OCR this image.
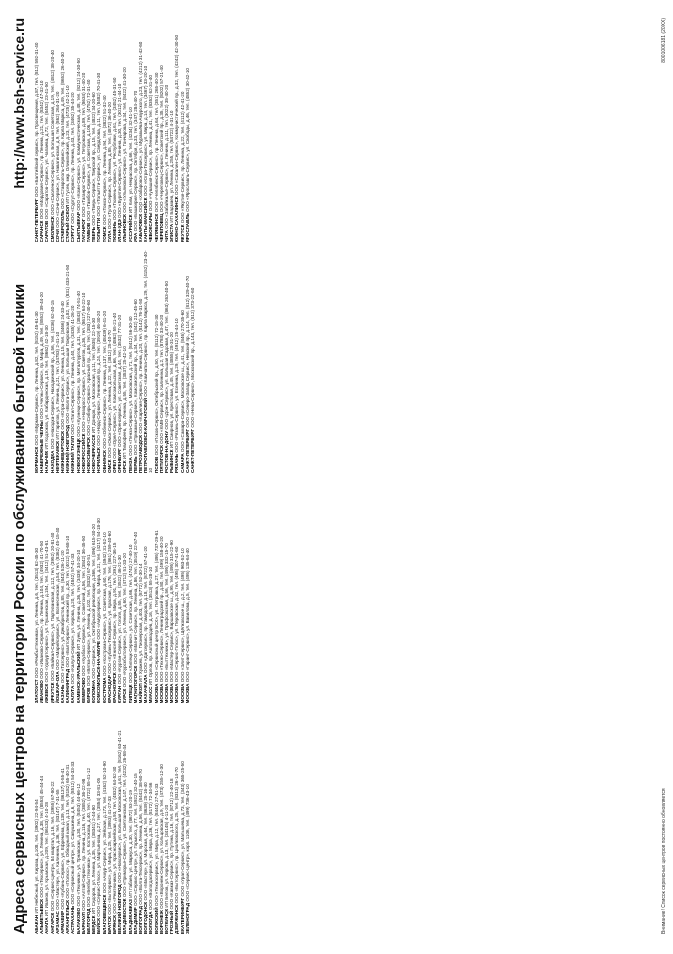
Адреса сервисных центров на территории России по обслуживанию бытовой техники
http://www.bsh-service.ru
АБАКАН ИП Небесный, ул. Кирова, д.108, тел. (3902) 22-94-54
АЛЬМЕТЬЕВСК ООО «Техсервис», ул. Ленина, д.38, тел. (8553) 45-44-44
АНАПА ИП Иванов, ул. Крымская, д.209, тел. (86133) 4-10-28
АНГАРСК ООО «Сервис-Центр», 84 квартал, д.16, тел. (3955) 67-80-22
АРЗАМАС ООО «Мастер», ул. Калинина, д.36, тел. (83147) 7-31-55
АРМАВИР ООО «Кубань-Сервис», ул. Ефремова, д.139, тел. (86137) 3-55-41
АРХАНГЕЛЬСК ООО «Полюс», пр. Обводный канал, д.13, тел. (8182) 65-40-31
АСТРАХАНЬ ООО «Сервисный центр», ул. Савушкина, д.6, тел. (8512) 54-33-33
БАЛАКОВО ООО «Техника», ул. Трнавская, д.30, тел. (8453) 44-66-12
БАРНАУЛ ООО «Алтай-Сервис», пр. Ленина, д.116, тел. (3852) 36-22-98
БЕЛГОРОД ООО «Белбыттехника», ул. Костюкова, д.40, тел. (4722) 55-41-12
БЕРДСК ИП Сидоров, ул. Ленина, д.35, тел. (38341) 2-44-80
БИЙСК ООО «Сервис-Плюс», ул. Мартьянова, д.27, тел. (3854) 33-81-05 БЛАГОВЕЩЕНСК ООО «Амур-Сервис», ул. Зейская, д.173, тел. (4162) 52-10-90
БРАТСК ООО «Бытсервис», ул. Мира, д.25, тел. (3953) 41-27-33
БРЯНСК ООО «Ремтехника», ул. Красноармейская, д.93, тел. (4832) 64-52-30 ВЕЛИКИЙ НОВГОРОД ООО «Новсервис», ул. Большая Московская, д.61, тел. (8162) 63-41-21
ВЛАДИВОСТОК ООО «Приморье-Сервис», ул. Светланская, д.147, тел. (4232) 26-58-44
ВЛАДИКАВКАЗ ИП Габаев, ул. Маркуса, д.30, тел. (8672) 53-20-19
ВЛАДИМИР ООО «Сервис-Центр», ул. Горького, д.77, тел. (4922) 32-40-15
ВОЛГОГРАД ООО «Волга-Техсервис», пр. Ленина, д.56, тел. (8442) 38-60-70
ВОЛГОДОНСК ООО «Мастер», ул. Морская, д.64, тел. (8639) 25-16-40
ВОЛОГДА ООО «Вологдасервис», ул. Мира, д.36, тел. (8172) 72-34-56
ВОЛЖСКИЙ ООО «Техносервис», ул. Мира, д.12, тел. (8443) 27-51-33
ВОРОНЕЖ ООО «Воронеж-Сервис», ул. Кольцовская, д.9, тел. (473) 255-12-30
ВОТКИНСК ИП Белов, ул. Кирова, д.13, тел. (34145) 4-11-20
ГРОЗНЫЙ ООО «Кавказ-Сервис», пр. Путина, д.16, тел. (8712) 22-40-18
ДЗЕРЖИНСК ООО «Бытсервис», пр. Циолковского, д.25, тел. (8313) 26-14-70
ЕКАТЕРИНБУРГ ООО «Урал-Сервис», ул. Малышева, д.73, тел. (343) 365-25-50
ЗЕЛЕНОГРАД ООО «Сервис-Центр», корп. 1106, тел. (499) 736-43-10
ЗЛАТОУСТ ООО «Рембыттехника», ул. Ленина, д.6, тел. (3513) 62-45-30
ИВАНОВО ООО «Иваново-Сервис», пр. Ленина, д.104, тел. (4932) 41-70-50
ИЖЕВСК ООО «Удмуртсервис», ул. Пушкинская, д.154, тел. (3412) 51-43-61
ИРКУТСК ООО «Байкал-Сервис», ул. Партизанская, д.112, тел. (3952) 20-81-40
ЙОШКАР-ОЛА ООО «Марийсервис», ул. Вознесенская, д.54, тел. (8362) 45-15-40
КАЗАНЬ ООО «Татсервис», ул. Декабристов, д.85, тел. (843) 526-11-20
КАЛИНИНГРАД ООО «Балтсервис», Ленинский пр., д.30, тел. (4012) 53-68-10
КАЛУГА ООО «Калуга-Сервис», ул. Кирова, д.20, тел. (4842) 57-41-33 КАМЕНСК-УРАЛЬСКИЙ ИП Зуев, ул. Ленина, д.36, тел. (3439) 34-20-10
КЕМЕРОВО ООО «Кузбасс-Сервис», пр. Советский, д.56, тел. (3842) 36-45-50
КИРОВ ООО «Вятка-Сервис», ул. Ленина, д.102, тел. (8332) 67-40-51
КОЛОМНА ООО «Сервис», ул. Октябрьской революции, д.366, тел. (496) 615-30-20 КОМСОМОЛЬСК-НА-АМУРЕ ООО «Амурсервис», пр. Мира, д.21, тел. (4217) 54-18-30
КОСТРОМА ООО «Кострома-Сервис», ул. Советская, д.60, тел. (4942) 31-52-10
КРАСНОДАР ООО «Кубань-Техсервис», ул. Красная, д.176, тел. (861) 259-40-60
КРАСНОЯРСК ООО «Енисей-Сервис», пр. Мира, д.91, тел. (391) 227-36-15
КУРГАН ООО «Курган-Сервис», ул. Гоголя, д.55, тел. (3522) 46-21-30
КУРСК ООО «Курскбытсервис», ул. Ленина, д.60, тел. (4712) 51-33-20
ЛИПЕЦК ООО «Липецк-Сервис», ул. Советская, д.66, тел. (4742) 27-40-10
МАГНИТОГОРСК ООО «Магнит-Сервис», пр. Ленина, д.86, тел. (3519) 22-57-40
МАЙКОП ИП Хуажев, ул. Пионерская, д.403, тел. (8772) 52-30-14
МАХАЧКАЛА ООО «Дагсервис», пр. Гамидова, д.18, тел. (8722) 67-41-20
МИАСС ИП Орлов, пр. Автозаводцев, д.16, тел. (3513) 55-28-10
МОСКВА ООО «Сервисный центр БСХ», ул. Петровка, д.27, тел. (495) 737-29-61
МОСКВА ООО «Техно-Сервис», Ленинградский пр., д.80, тел. (499) 158-40-20
МОСКВА ООО «Быттехника», ул. Профсоюзная, д.56, тел. (495) 332-15-70
МОСКВА ООО «Мастер-Сервис», Варшавское ш., д.95, тел. (495) 315-22-90
МОСКВА ООО «Сервис-Плюс», ул. Перовская, д.32, тел. (495) 307-41-60
МОСКВА ООО «Элит-Сервис», Щёлковское ш., д.2, тел. (495) 963-52-10
МОСКВА ООО «Гарант-Сервис», ул. Вавилова, д.5, тел. (495) 135-64-40
МУРМАНСК ООО «Мурман-Сервис», пр. Ленина, д.82, тел. (8152) 45-61-30
НАБЕРЕЖНЫЕ ЧЕЛНЫ ООО «Челны-Сервис», пр. Мира, д.49, тел. (8552) 39-44-20
НАЛЬЧИК ИП Кодзоков, ул. Кабардинская, д.19, тел. (8662) 42-18-30
НАХОДКА ООО «Находка-Сервис», Находкинский пр., д.56, тел. (4236) 62-40-15
НЕФТЕКАМСК ИП Гарипов, ул. Ленина, д.21, тел. (34783) 2-41-10
НИЖНЕВАРТОВСК ООО «Югра-Сервис», ул. Ленина, д.15, тел. (3466) 24-33-40
НИЖНИЙ НОВГОРОД ООО «Волга-Сервис», ул. Большая Покровская, д.82, тел. (831) 433-21-50
НИЖНИЙ ТАГИЛ ООО «Тагил-Сервис», пр. Ленина, д.40, тел. (3435) 41-26-20
НОВОКУЗНЕЦК ООО «Кузнецк-Сервис», пр. Металлургов, д.31, тел. (3843) 74-51-40
НОВОРОССИЙСК ООО «Новоросс-Сервис», ул. Советов, д.36, тел. (8617) 64-22-10
НОВОСИБИРСК ООО «Сибирь-Сервис», Красный пр., д.86, тел. (383) 227-40-60
НОВОЧЕРКАССК ИП Донцов, ул. Московская, д.11, тел. (8635) 22-15-30
НОРИЛЬСК ООО «Норд-Сервис», Ленинский пр., д.24, тел. (3919) 46-30-20
ОБНИНСК ООО «Обнинск-Сервис», пр. Ленина, д.137, тел. (48439) 6-41-20
ОМСК ООО «Омск-Сервис», ул. Ленина, д.22, тел. (3812) 25-40-70
ОРЕЛ ООО «Орел-Сервис», ул. Комсомольская, д.66, тел. (4862) 55-21-40
ОРЕНБУРГ ООО «Оренсервис», ул. Советская, д.44, тел. (3532) 77-31-20
ОРСК ИП Тимофеев, пр. Ленина, д.55, тел. (3537) 25-42-10
ПЕНЗА ООО «Пенза-Сервис», ул. Московская, д.71, тел. (8412) 56-30-40
ПЕРМЬ ООО «Прикамье-Сервис», Комсомольский пр., д.34, тел. (342) 212-45-60 ПЕТРОЗАВОДСК ООО «Карелия-Сервис», пр. Ленина, д.20, тел. (8142) 76-31-50
ПЕТРОПАВЛОВСК-КАМЧАТСКИЙ ООО «Камчатка-Сервис», пр. Карла Маркса, д.29, тел. (4152) 23-40-10 ПСКОВ ООО «Псков-Сервис», Октябрьский пр., д.50, тел. (8112) 72-15-30
ПЯТИГОРСК ООО «КМВ-Сервис», пр. Калинина, д.2, тел. (8793) 33-40-20
РОСТОВ-НА-ДОНУ ООО «Дон-Сервис», ул. Большая Садовая, д.47, тел. (863) 263-40-50
РЫБИНСК ИП Смирнов, ул. Крестовая, д.45, тел. (4855) 28-31-20
РЯЗАНЬ ООО «Рязань-Сервис», ул. Есенина, д.29, тел. (4912) 25-44-10
САМАРА ООО «Самара-Сервис», Московское ш., д.41, тел. (846) 270-35-60 САНКТ-ПЕТЕРБУРГ ООО «Северо-Запад Сервис», Невский пр., д.114, тел. (812) 329-40-70
САНКТ-ПЕТЕРБУРГ ООО «Нева-Сервис», Московский пр., д.143, тел. (812) 373-22-60
САНКТ-ПЕТЕРБУРГ ООО «Балтийский сервис», пр. Просвещения, д.87, тел. (812) 592-31-40
САРАНСК ООО «Мордовия-Сервис», пр. Ленина, д.21, тел. (8342) 47-32-10
САРАТОВ ООО «Саратов-Сервис», ул. Чапаева, д.72, тел. (8452) 23-41-50
СМОЛЕНСК ООО «Смоленск-Сервис», ул. Большая Советская, д.19, тел. (4812) 38-20-40
СОЧИ ООО «Сочи-Сервис», ул. Навагинская, д.9, тел. (862) 264-31-20 СТАВРОПОЛЬ ООО «Ставрополь-Сервис», пр. Карла Маркса, д.49, тел. (8652) 26-40-30
СТАРЫЙ ОСКОЛ ИП Гусев, мкр. Олимпийский, д.23, тел. (4725) 42-21-10
СУРГУТ ООО «Сургут-Сервис», пр. Ленина, д.43, тел. (3462) 35-44-20
СЫКТЫВКАР ООО «Коми-Сервис», ул. Коммунистическая, д.48, тел. (8212) 24-30-50
ТАГАНРОГ ООО «Таганрог-Сервис», ул. Петровская, д.89, тел. (8634) 31-40-20
ТАМБОВ ООО «Тамбов-Сервис», ул. Советская, д.106, тел. (4752) 72-31-40
ТВЕРЬ ООО «Тверь-Сервис», Тверской пр., д.15, тел. (4822) 34-20-60
ТОЛЬЯТТИ ООО «Тольятти-Сервис», ул. Свердлова, д.11, тел. (8482) 70-41-30
ТОМСК ООО «Томск-Сервис», пр. Ленина, д.94, тел. (3822) 51-32-40
ТУЛА ООО «Тула-Сервис», пр. Ленина, д.85, тел. (4872) 36-40-20
ТЮМЕНЬ ООО «Тюмень-Сервис», ул. Республики, д.61, тел. (3452) 45-31-50
УЛАН-УДЭ ООО «Бурятия-Сервис», ул. Ленина, д.30, тел. (3012) 21-44-10
УЛЬЯНОВСК ООО «Ульяновск-Сервис», ул. Гончарова, д.34, тел. (8422) 41-30-20
УССУРИЙСК ИП Ким, ул. Некрасова, д.66, тел. (4234) 32-41-10
УФА ООО «Башкирия-Сервис», пр. Октября, д.33, тел. (347) 284-40-70 ХАБАРОВСК ООО «Хабаровск-Сервис», ул. Муравьёва-Амурского, д.23, тел. (4212) 31-42-60
ХАНТЫ-МАНСИЙСК ООО «Югра-Техсервис», ул. Мира, д.14, тел. (3467) 33-20-10
ЧЕБОКСАРЫ ООО «Чувашия-Сервис», пр. Ленина, д.41, тел. (8352) 62-31-40
ЧЕЛЯБИНСК ООО «Челябинск-Сервис», пр. Ленина, д.64, тел. (351) 265-40-30
ЧЕРЕПОВЕЦ ООО «Череповец-Сервис», Советский пр., д.35, тел. (8202) 57-21-40
ЧИТА ООО «Забайкалье-Сервис», ул. Ленина, д.111, тел. (3022) 35-40-20
ЭЛИСТА ИП Бадмаев, ул. Ленина, д.255, тел. (84722) 4-31-10 ЮЖНО-САХАЛИНСК ООО «Сахалин-Сервис», Коммунистический пр., д.32, тел. (4242) 42-30-50
ЯКУТСК ООО «Якутия-Сервис», пр. Ленина, д.22, тел. (4112) 42-41-20
ЯРОСЛАВЛЬ ООО «Ярославль-Сервис», ул. Свободы, д.46, тел. (4852) 30-42-10
Внимание! Список сервисных центров постоянно обновляется
8001006181 (20XX)
